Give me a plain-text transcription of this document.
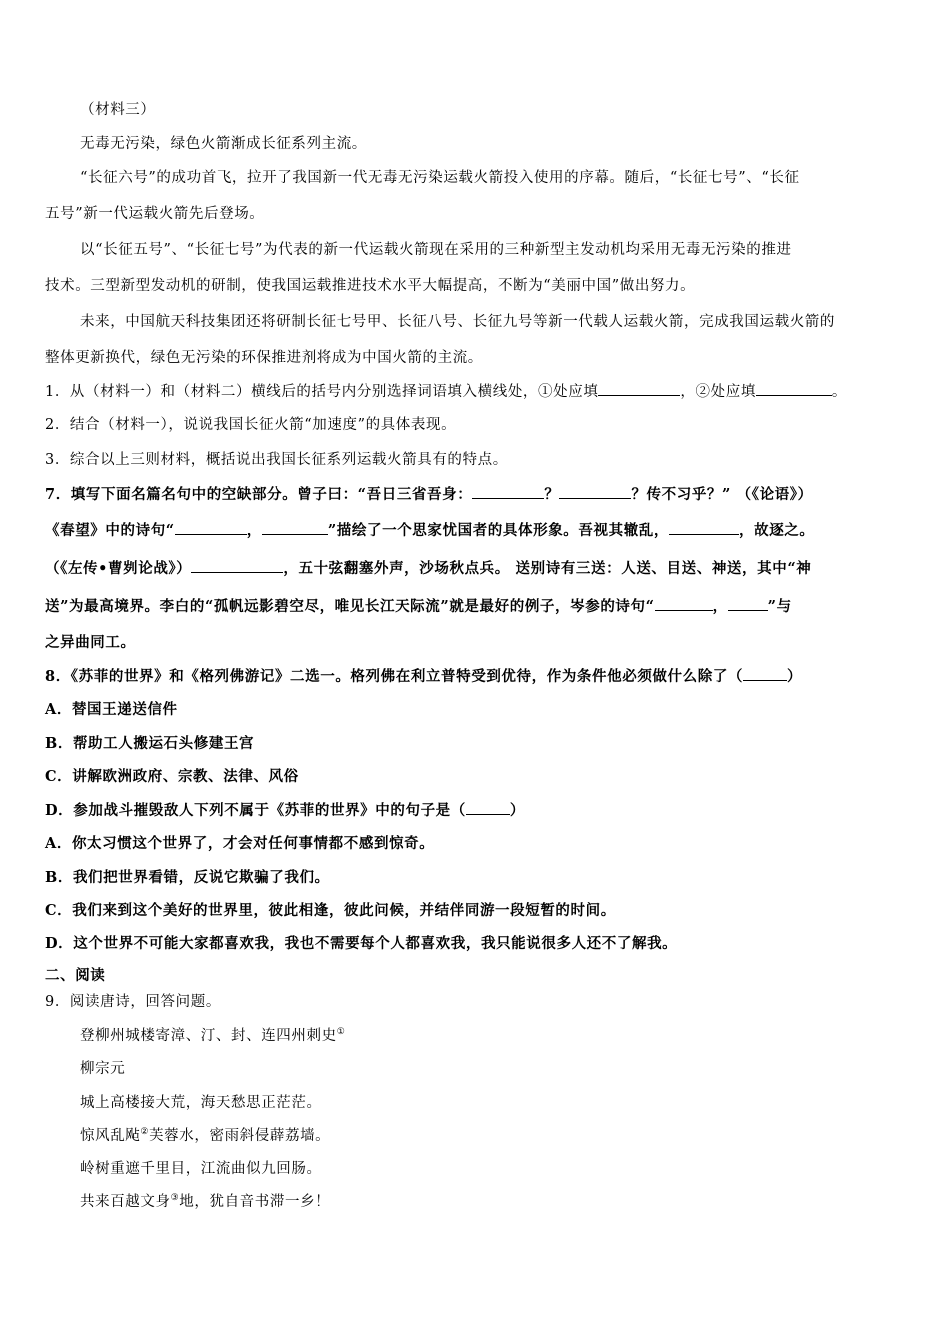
（材料三）
无毒无污染，绿色火箭渐成长征系列主流。
“长征六号”的成功首飞，拉开了我国新一代无毒无污染运载火箭投入使用的序幕。随后，“长征七号”、“长征
五号”新一代运载火箭先后登场。
以“长征五号”、“长征七号”为代表的新一代运载火箭现在采用的三种新型主发动机均采用无毒无污染的推进
技术。三型新型发动机的研制，使我国运载推进技术水平大幅提高，不断为“美丽中国”做出努力。
未来，中国航天科技集团还将研制长征七号甲、长征八号、长征九号等新一代载人运载火箭，完成我国运载火箭的
整体更新换代，绿色无污染的环保推进剂将成为中国火箭的主流。
1．从（材料一）和（材料二）横线后的括号内分别选择词语填入横线处，①处应填	，②处应填	。
2．结合（材料一），说说我国长征火箭“加速度”的具体表现。
3．综合以上三则材料，概括说出我国长征系列运载火箭具有的特点。
7．填写下面名篇名句中的空缺部分。曾子曰：“吾日三省吾身：	？	？传不习乎？” （《论语》）
《春望》中的诗句“	，	”描绘了一个思家忧国者的具体形象。吾视其辙乱，	，故逐之。
（《左传•曹刿论战》）	，五十弦翻塞外声，沙场秋点兵。 送别诗有三送：人送、目送、神送，其中“神
送”为最高境界。李白的“孤帆远影碧空尽，唯见长江天际流”就是最好的例子，岑参的诗句“	，	”与
之异曲同工。
8．《苏菲的世界》和《格列佛游记》二选一。格列佛在利立普特受到优待，作为条件他必须做什么除了（	）
A．替国王递送信件
B．帮助工人搬运石头修建王宫
C．讲解欧洲政府、宗教、法律、风俗
D．参加战斗摧毁敌人下列不属于《苏菲的世界》中的句子是（	）
A．你太习惯这个世界了，才会对任何事情都不感到惊奇。
B．我们把世界看错，反说它欺骗了我们。
C．我们来到这个美好的世界里，彼此相逢，彼此问候，并结伴同游一段短暂的时间。
D．这个世界不可能大家都喜欢我，我也不需要每个人都喜欢我，我只能说很多人还不了解我。
二、阅读
9．阅读唐诗，回答问题。
登柳州城楼寄漳、汀、封、连四州刺史①
柳宗元
城上高楼接大荒，海天愁思正茫茫。
惊风乱飐②芙蓉水，密雨斜侵薜荔墙。
岭树重遮千里目，江流曲似九回肠。
共来百越文身③地，犹自音书滞一乡！
